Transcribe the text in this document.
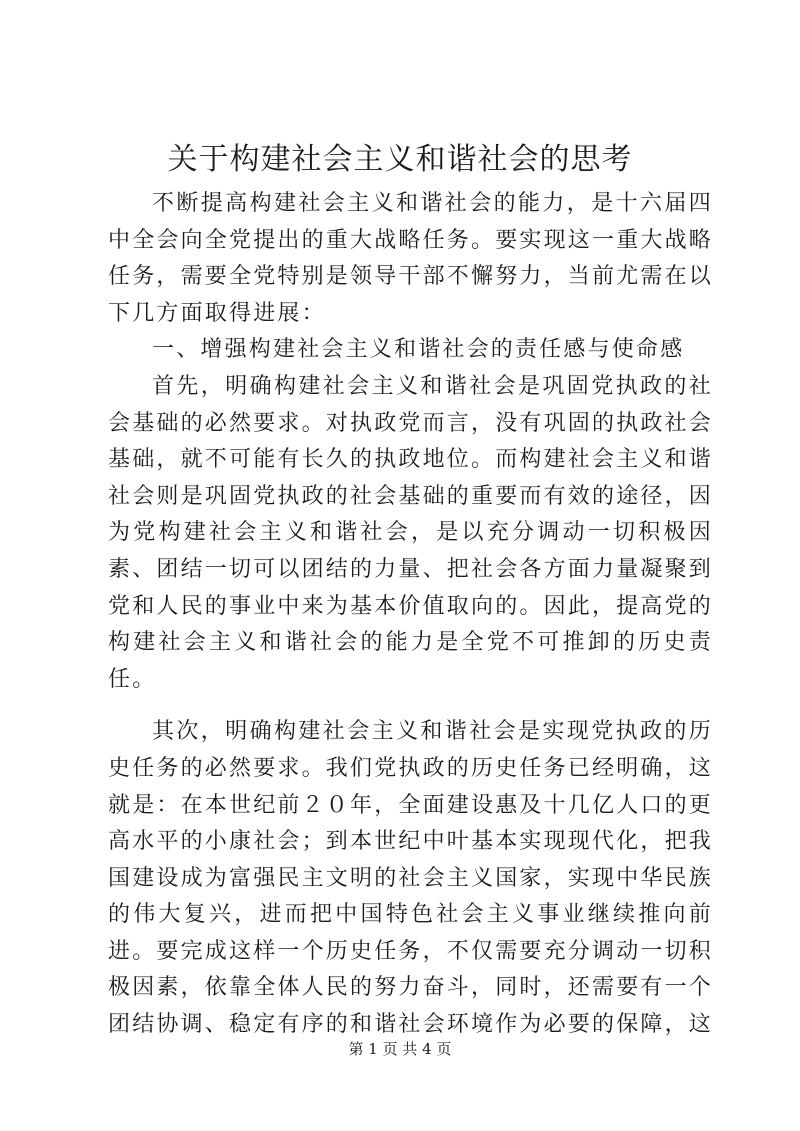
关于构建社会主义和谐社会的思考

不断提高构建社会主义和谐社会的能力，是十六届四中全会向全党提出的重大战略任务。要实现这一重大战略任务，需要全党特别是领导干部不懈努力，当前尤需在以下几方面取得进展：

一、增强构建社会主义和谐社会的责任感与使命感

首先，明确构建社会主义和谐社会是巩固党执政的社会基础的必然要求。对执政党而言，没有巩固的执政社会基础，就不可能有长久的执政地位。而构建社会主义和谐社会则是巩固党执政的社会基础的重要而有效的途径，因为党构建社会主义和谐社会，是以充分调动一切积极因素、团结一切可以团结的力量、把社会各方面力量凝聚到党和人民的事业中来为基本价值取向的。因此，提高党的构建社会主义和谐社会的能力是全党不可推卸的历史责任。

其次，明确构建社会主义和谐社会是实现党执政的历史任务的必然要求。我们党执政的历史任务已经明确，这就是：在本世纪前２０年，全面建设惠及十几亿人口的更高水平的小康社会；到本世纪中叶基本实现现代化，把我国建设成为富强民主文明的社会主义国家，实现中华民族的伟大复兴，进而把中国特色社会主义事业继续推向前进。要完成这样一个历史任务，不仅需要充分调动一切积极因素，依靠全体人民的努力奋斗，同时，还需要有一个团结协调、稳定有序的和谐社会环境作为必要的保障，这

第 1 页 共 4 页
